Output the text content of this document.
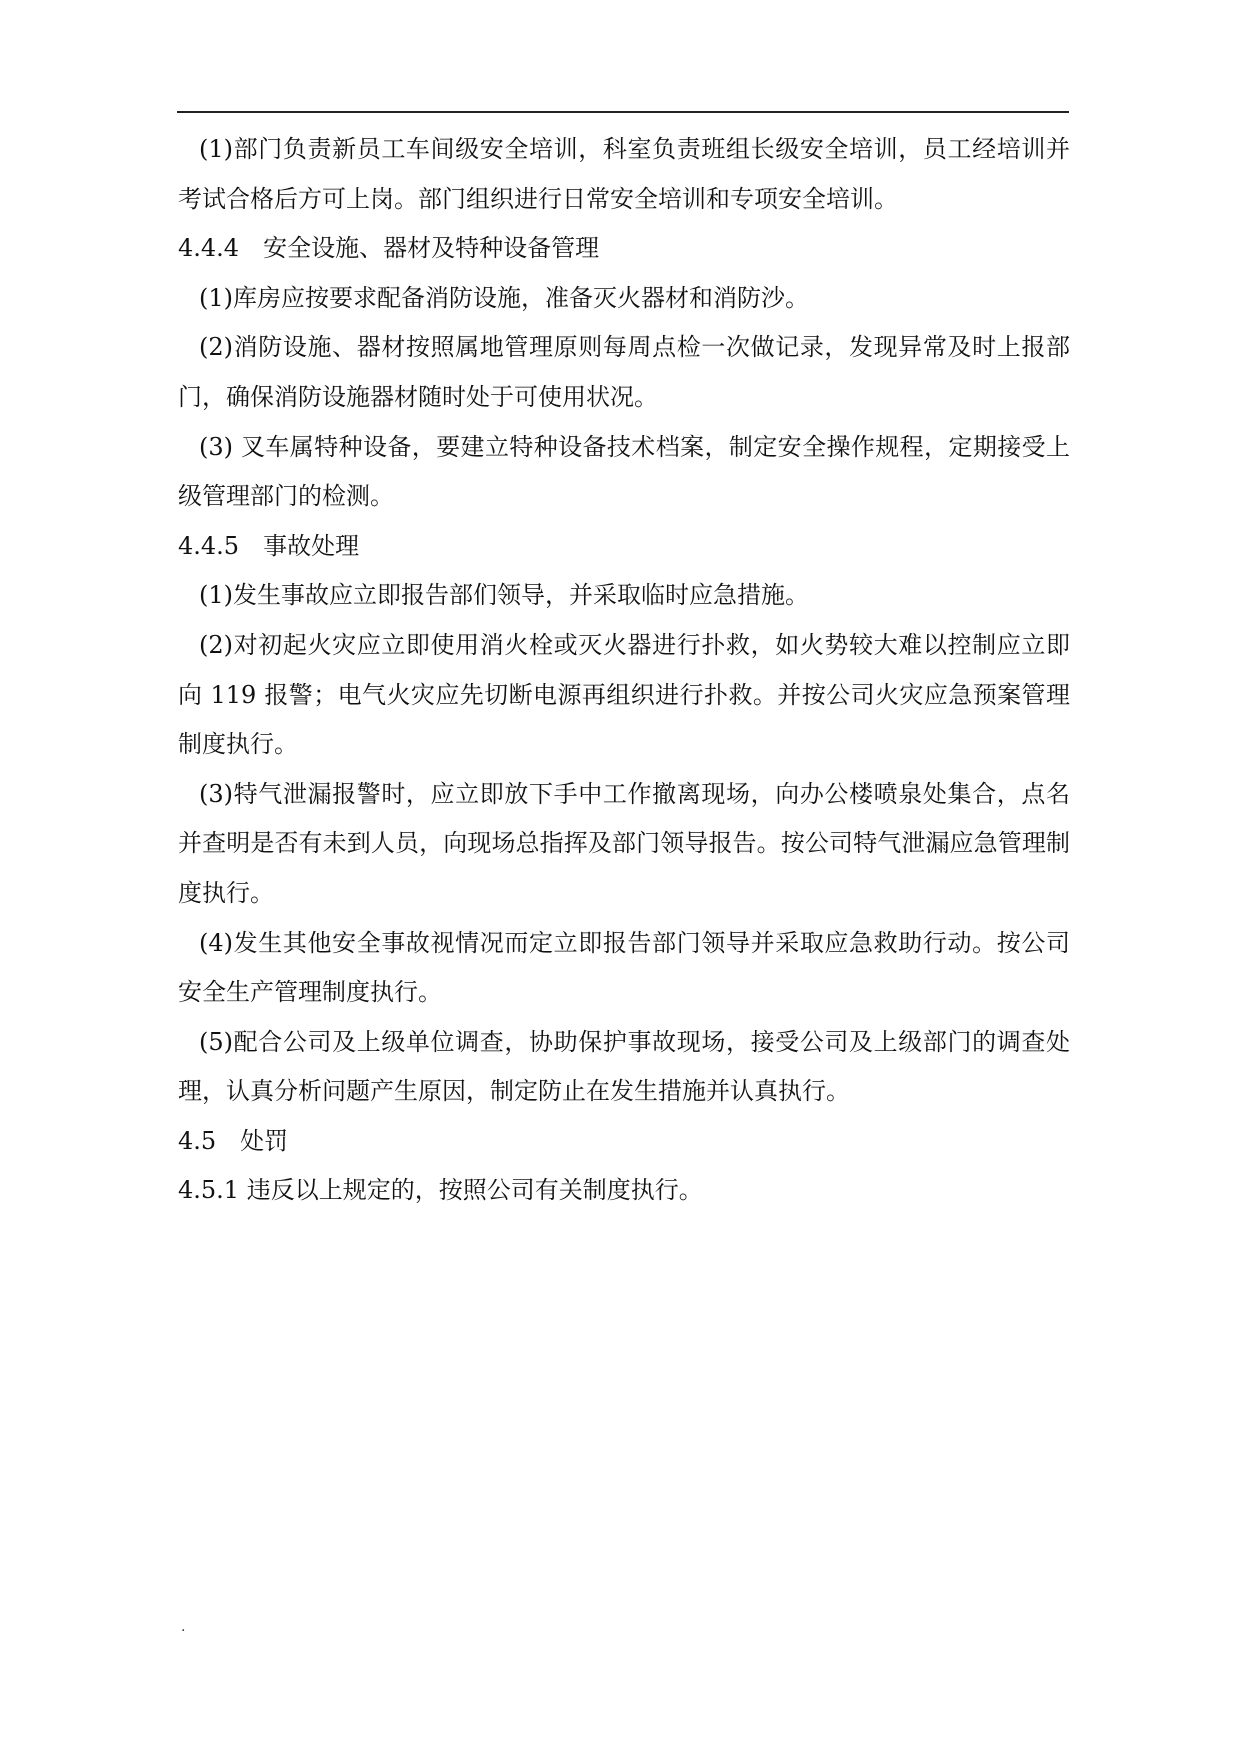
(1)部门负责新员工车间级安全培训，科室负责班组长级安全培训，员工经培训并考试合格后方可上岗。部门组织进行日常安全培训和专项安全培训。

4.4.4　安全设施、器材及特种设备管理

(1)库房应按要求配备消防设施，准备灭火器材和消防沙。

(2)消防设施、器材按照属地管理原则每周点检一次做记录，发现异常及时上报部门，确保消防设施器材随时处于可使用状况。

(3) 叉车属特种设备，要建立特种设备技术档案，制定安全操作规程，定期接受上级管理部门的检测。

4.4.5　事故处理

(1)发生事故应立即报告部们领导，并采取临时应急措施。

(2)对初起火灾应立即使用消火栓或灭火器进行扑救，如火势较大难以控制应立即向 119 报警；电气火灾应先切断电源再组织进行扑救。并按公司火灾应急预案管理制度执行。

(3)特气泄漏报警时，应立即放下手中工作撤离现场，向办公楼喷泉处集合，点名并查明是否有未到人员，向现场总指挥及部门领导报告。按公司特气泄漏应急管理制度执行。

(4)发生其他安全事故视情况而定立即报告部门领导并采取应急救助行动。按公司安全生产管理制度执行。

(5)配合公司及上级单位调查，协助保护事故现场，接受公司及上级部门的调查处理，认真分析问题产生原因，制定防止在发生措施并认真执行。

4.5　处罚

4.5.1 违反以上规定的，按照公司有关制度执行。

.
